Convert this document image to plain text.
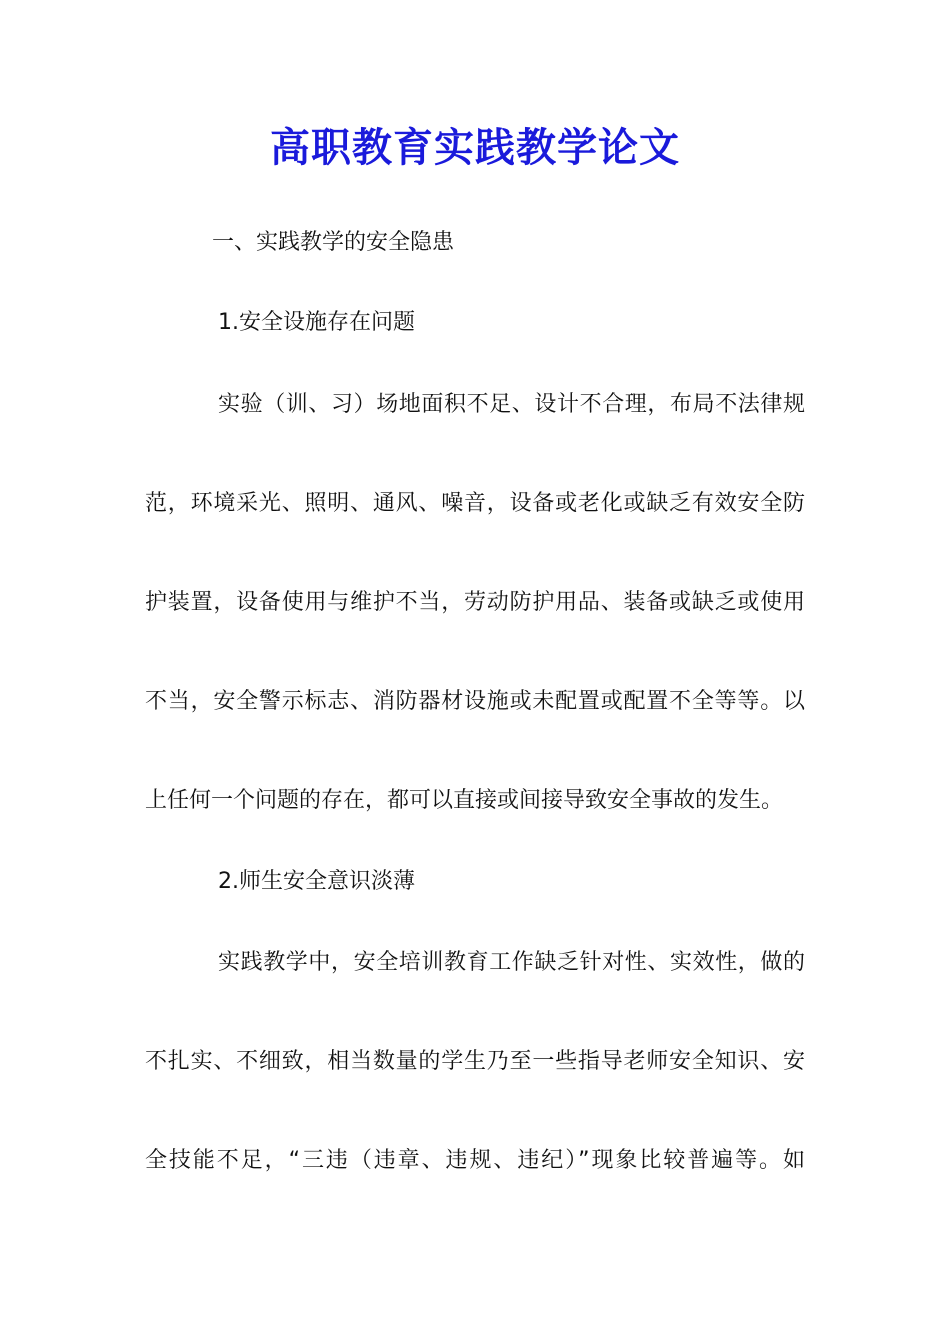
高职教育实践教学论文
一、实践教学的安全隐患
1.安全设施存在问题
实验（训、习）场地面积不足、设计不合理，布局不法律规
范，环境采光、照明、通风、噪音，设备或老化或缺乏有效安全防
护装置，设备使用与维护不当，劳动防护用品、装备或缺乏或使用
不当，安全警示标志、消防器材设施或未配置或配置不全等等。以
上任何一个问题的存在，都可以直接或间接导致安全事故的发生。
2.师生安全意识淡薄
实践教学中，安全培训教育工作缺乏针对性、实效性，做的
不扎实、不细致，相当数量的学生乃至一些指导老师安全知识、安
全技能不足，“三违（违章、违规、违纪）”现象比较普遍等。如
